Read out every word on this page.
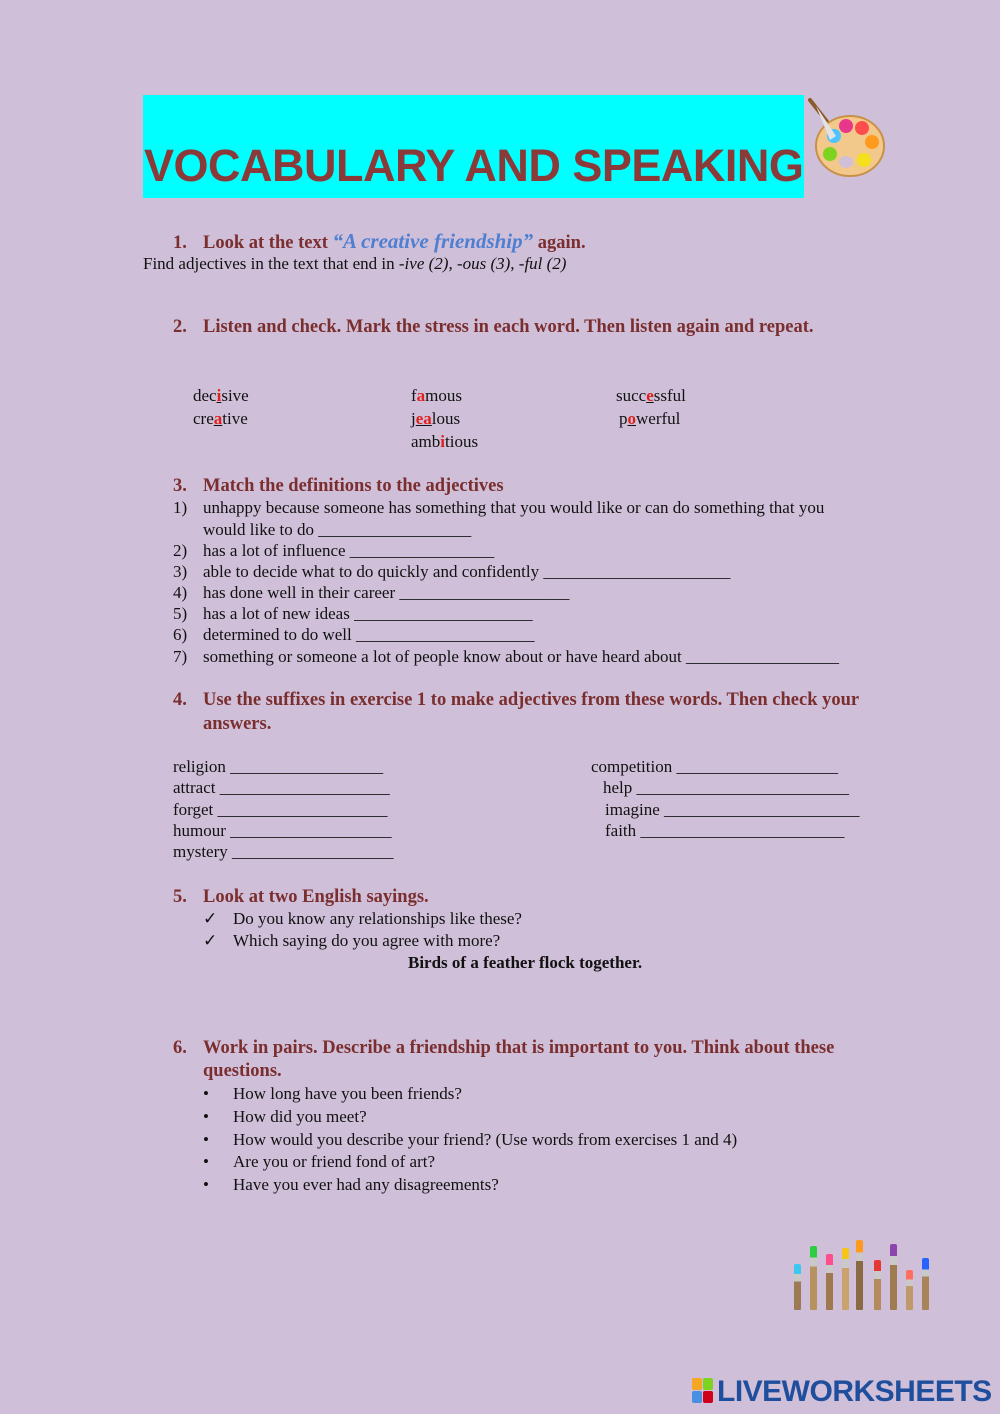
VOCABULARY AND SPEAKING
1. Look at the text “A creative friendship” again.
Find adjectives in the text that end in -ive (2), -ous (3), -ful (2)
2. Listen and check. Mark the stress in each word. Then listen again and repeat.
decisive
creative
famous
jealous
ambitious
successful
powerful
3. Match the definitions to the adjectives
1) unhappy because someone has something that you would like or can do something that you
would like to do __________________
2) has a lot of influence _________________
3) able to decide what to do quickly and confidently ______________________
4) has done well in their career ____________________
5) has a lot of new ideas _____________________
6) determined to do well _____________________
7) something or someone a lot of people know about or have heard about __________________
4. Use the suffixes in exercise 1 to make adjectives from these words. Then check your
answers.
religion __________________
attract ____________________
forget ____________________
humour ___________________
mystery ___________________
competition ___________________
help _________________________
imagine _______________________
faith ________________________
5. Look at two English sayings.
✓ Do you know any relationships like these?
✓ Which saying do you agree with more?
Birds of a feather flock together.
6. Work in pairs. Describe a friendship that is important to you. Think about these
questions.
• How long have you been friends?
• How did you meet?
• How would you describe your friend? (Use words from exercises 1 and 4)
• Are you or friend fond of art?
• Have you ever had any disagreements?
LIVEWORKSHEETS
